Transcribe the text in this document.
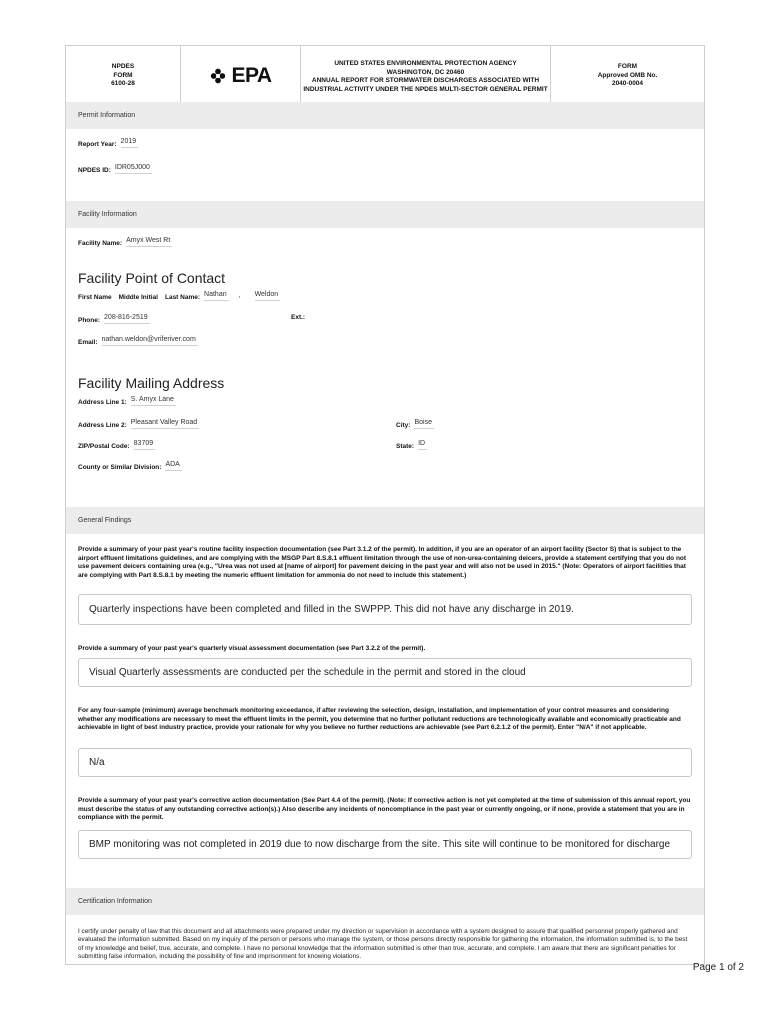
NPDES
FORM
6100-28	EPA
UNITED STATES ENVIRONMENTAL PROTECTION AGENCY
WASHINGTON, DC 20460
ANNUAL REPORT FOR STORMWATER DISCHARGES ASSOCIATED WITH
INDUSTRIAL ACTIVITY UNDER THE NPDES MULTI-SECTOR GENERAL PERMIT
FORM
Approved OMB No.
2040-0004
Permit Information
Report Year: 2019
NPDES ID: IDR05J000
Facility Information
Facility Name: Amyx West Rt
Facility Point of Contact
First Name Middle Initial Last Name: Nathan , Weldon
Phone: 208-816-2519	Ext.:
Email: nathan.weldon@vriferiver.com
Facility Mailing Address
Address Line 1: S. Amyx Lane
Address Line 2: Pleasant Valley Road	City: Boise
ZIP/Postal Code: 83709	State: ID
County or Similar Division: ADA
General Findings
Provide a summary of your past year's routine facility inspection documentation (see Part 3.1.2 of the permit). In addition, if you are an operator of an airport facility (Sector S) that is subject to the airport effluent limitations guidelines, and are complying with the MSGP Part 8.S.8.1 effluent limitation through the use of non-urea-containing deicers, provide a statement certifying that you do not use pavement deicers containing urea (e.g., "Urea was not used at [name of airport] for pavement deicing in the past year and will also not be used in 2015." (Note: Operators of airport facilities that are complying with Part 8.S.8.1 by meeting the numeric effluent limitation for ammonia do not need to include this statement.)
Quarterly inspections have been completed and filled in the SWPPP. This did not have any discharge in 2019.
Provide a summary of your past year's quarterly visual assessment documentation (see Part 3.2.2 of the permit).
Visual Quarterly assessments are conducted per the schedule in the permit and stored in the cloud
For any four-sample (minimum) average benchmark monitoring exceedance, if after reviewing the selection, design, installation, and implementation of your control measures and considering whether any modifications are necessary to meet the effluent limits in the permit, you determine that no further pollutant reductions are technologically available and economically practicable and achievable in light of best industry practice, provide your rationale for why you believe no further reductions are achievable (see Part 6.2.1.2 of the permit). Enter "N/A" if not applicable.
N/a
Provide a summary of your past year's corrective action documentation (See Part 4.4 of the permit). (Note: If corrective action is not yet completed at the time of submission of this annual report, you must describe the status of any outstanding corrective action(s).) Also describe any incidents of noncompliance in the past year or currently ongoing, or if none, provide a statement that you are in compliance with the permit.
BMP monitoring was not completed in 2019 due to now discharge from the site. This site will continue to be monitored for discharge
Certification Information
I certify under penalty of law that this document and all attachments were prepared under my direction or supervision in accordance with a system designed to assure that qualified personnel properly gathered and evaluated the information submitted. Based on my inquiry of the person or persons who manage the system, or those persons directly responsible for gathering the information, the information submitted is, to the best of my knowledge and belief, true, accurate, and complete. I have no personal knowledge that the information submitted is other than true, accurate, and complete. I am aware that there are significant penalties for submitting false information, including the possibility of fine and imprisonment for knowing violations.
Page 1 of 2
